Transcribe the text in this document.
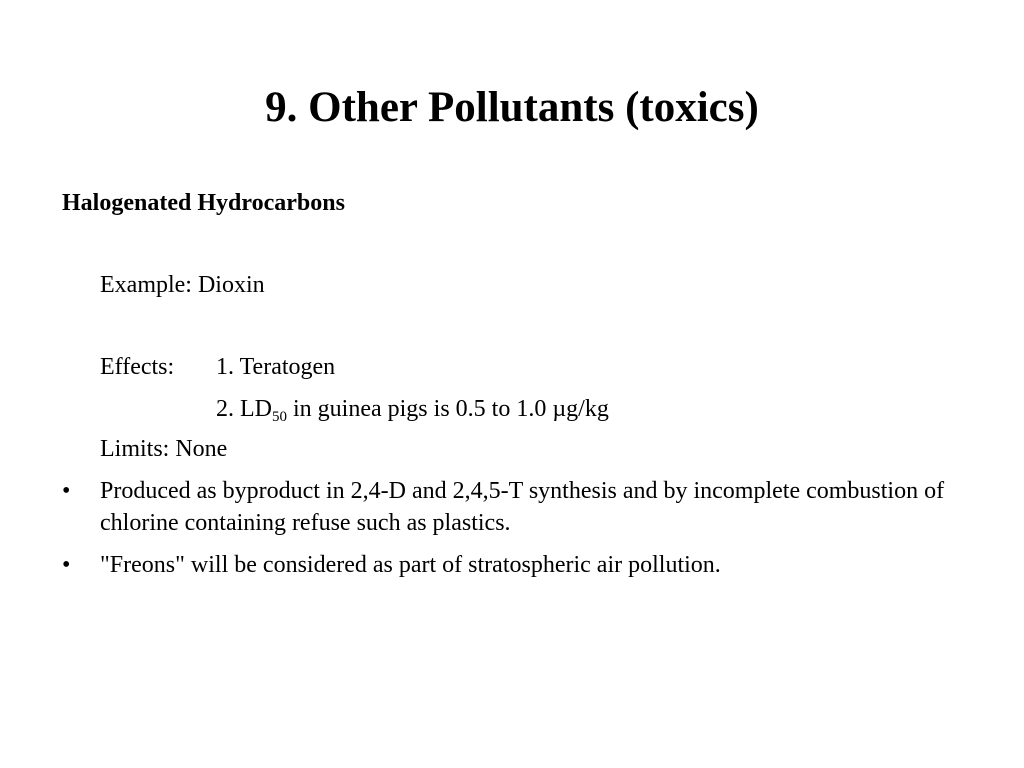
9. Other Pollutants (toxics)
Halogenated Hydrocarbons
Example: Dioxin
Effects: 1. Teratogen
2. $LD_{50}$ in guinea pigs is 0.5 to 1.0 µg/kg
Limits: None
• Produced as byproduct in 2,4-D and 2,4,5-T synthesis and by incomplete combustion of chlorine containing refuse such as plastics.
• "Freons" will be considered as part of stratospheric air pollution.
